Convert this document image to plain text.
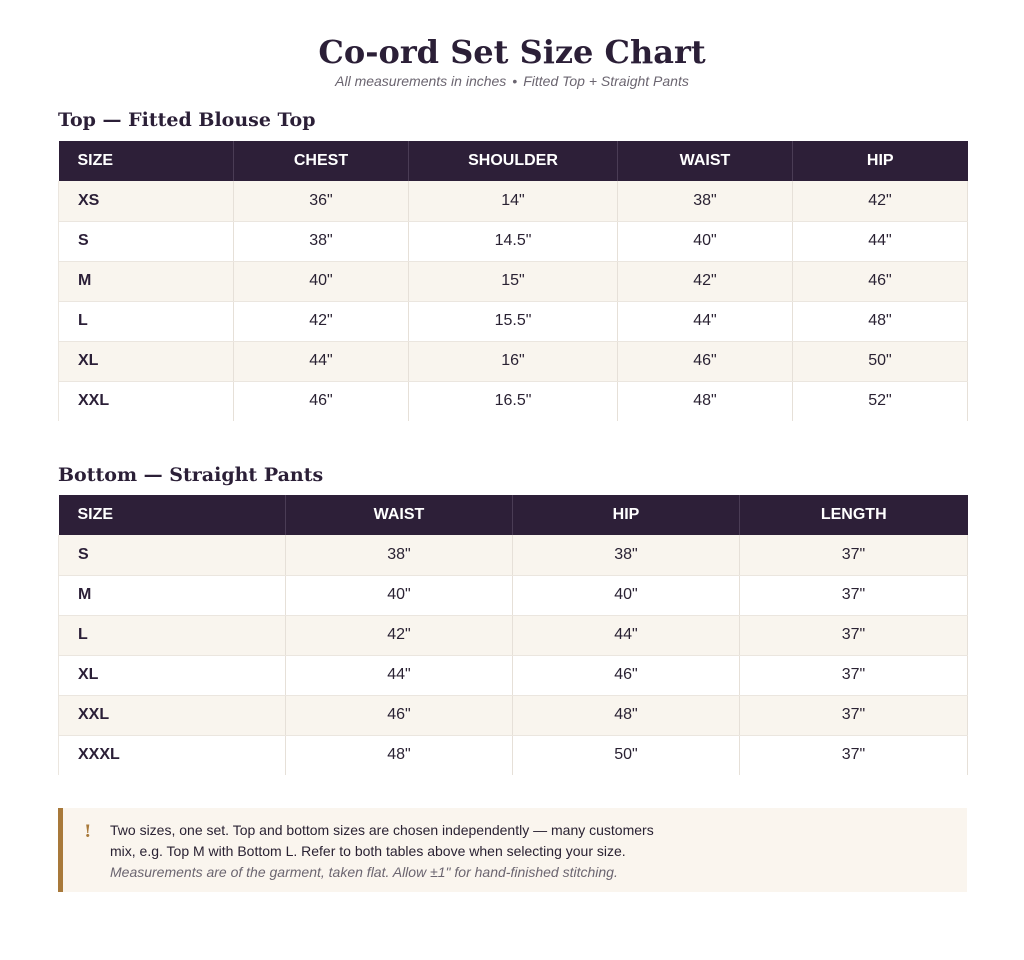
Co-ord Set Size Chart
All measurements in inches • Fitted Top + Straight Pants
Top — Fitted Blouse Top
SIZE	CHEST	SHOULDER	WAIST	HIP
XS	36"	14"	38"	42"
S	38"	14.5"	40"	44"
M	40"	15"	42"	46"
L	42"	15.5"	44"	48"
XL	44"	16"	46"	50"
XXL	46"	16.5"	48"	52"
Bottom — Straight Pants
SIZE	WAIST	HIP	LENGTH
S	38"	38"	37"
M	40"	40"	37"
L	42"	44"	37"
XL	44"	46"	37"
XXL	46"	48"	37"
XXXL	48"	50"	37"
! Two sizes, one set. Top and bottom sizes are chosen independently — many customers mix, e.g. Top M with Bottom L. Refer to both tables above when selecting your size.
Measurements are of the garment, taken flat. Allow ±1" for hand-finished stitching.
